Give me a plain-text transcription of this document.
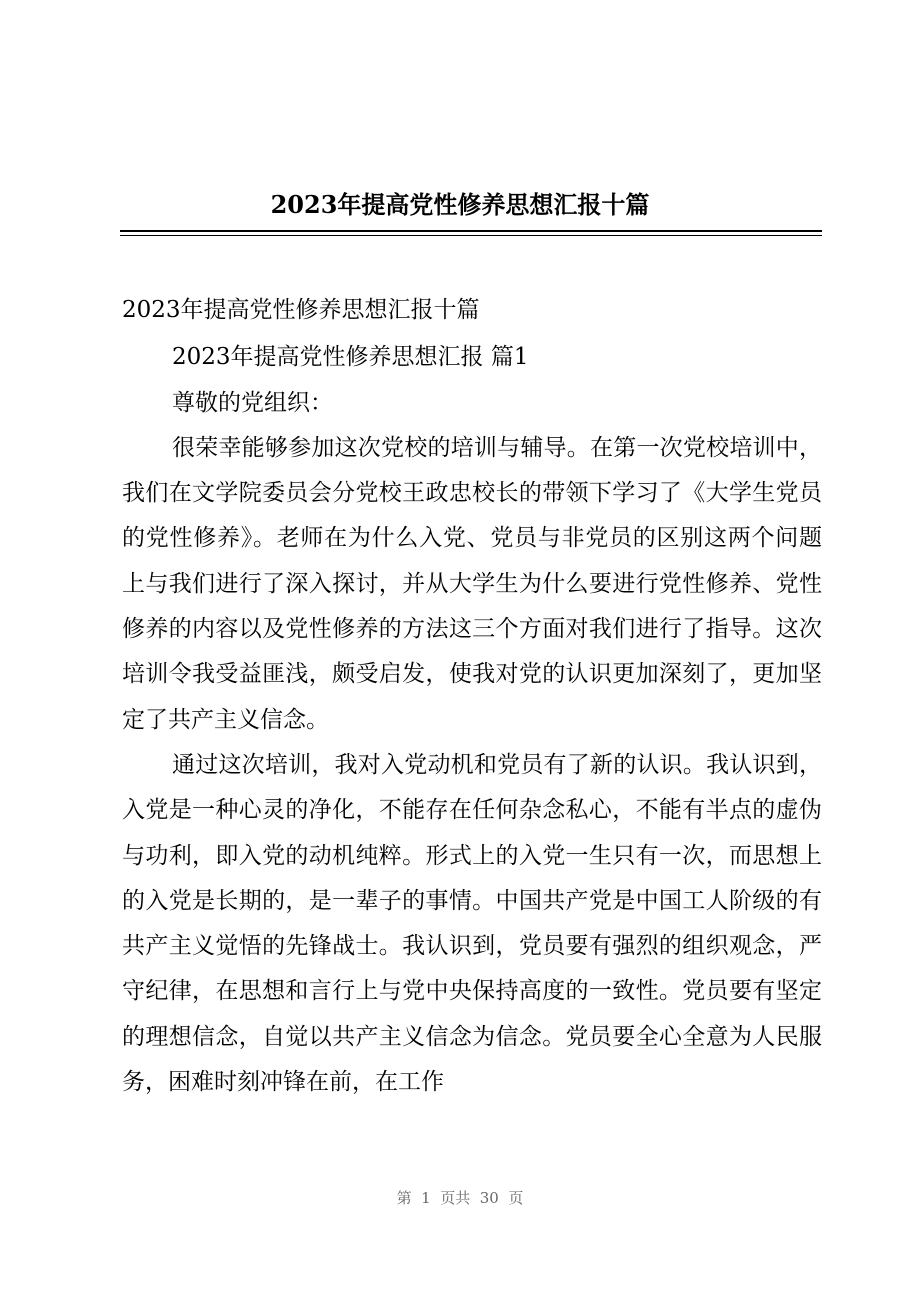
2023年提高党性修养思想汇报十篇

2023年提高党性修养思想汇报十篇

2023年提高党性修养思想汇报 篇1

尊敬的党组织：

很荣幸能够参加这次党校的培训与辅导。在第一次党校培训中，我们在文学院委员会分党校王政忠校长的带领下学习了《大学生党员的党性修养》。老师在为什么入党、党员与非党员的区别这两个问题上与我们进行了深入探讨，并从大学生为什么要进行党性修养、党性修养的内容以及党性修养的方法这三个方面对我们进行了指导。这次培训令我受益匪浅，颇受启发，使我对党的认识更加深刻了，更加坚定了共产主义信念。

通过这次培训，我对入党动机和党员有了新的认识。我认识到，入党是一种心灵的净化，不能存在任何杂念私心，不能有半点的虚伪与功利，即入党的动机纯粹。形式上的入党一生只有一次，而思想上的入党是长期的，是一辈子的事情。中国共产党是中国工人阶级的有共产主义觉悟的先锋战士。我认识到，党员要有强烈的组织观念，严守纪律，在思想和言行上与党中央保持高度的一致性。党员要有坚定的理想信念，自觉以共产主义信念为信念。党员要全心全意为人民服务，困难时刻冲锋在前，在工作

第  1  页共  30  页
